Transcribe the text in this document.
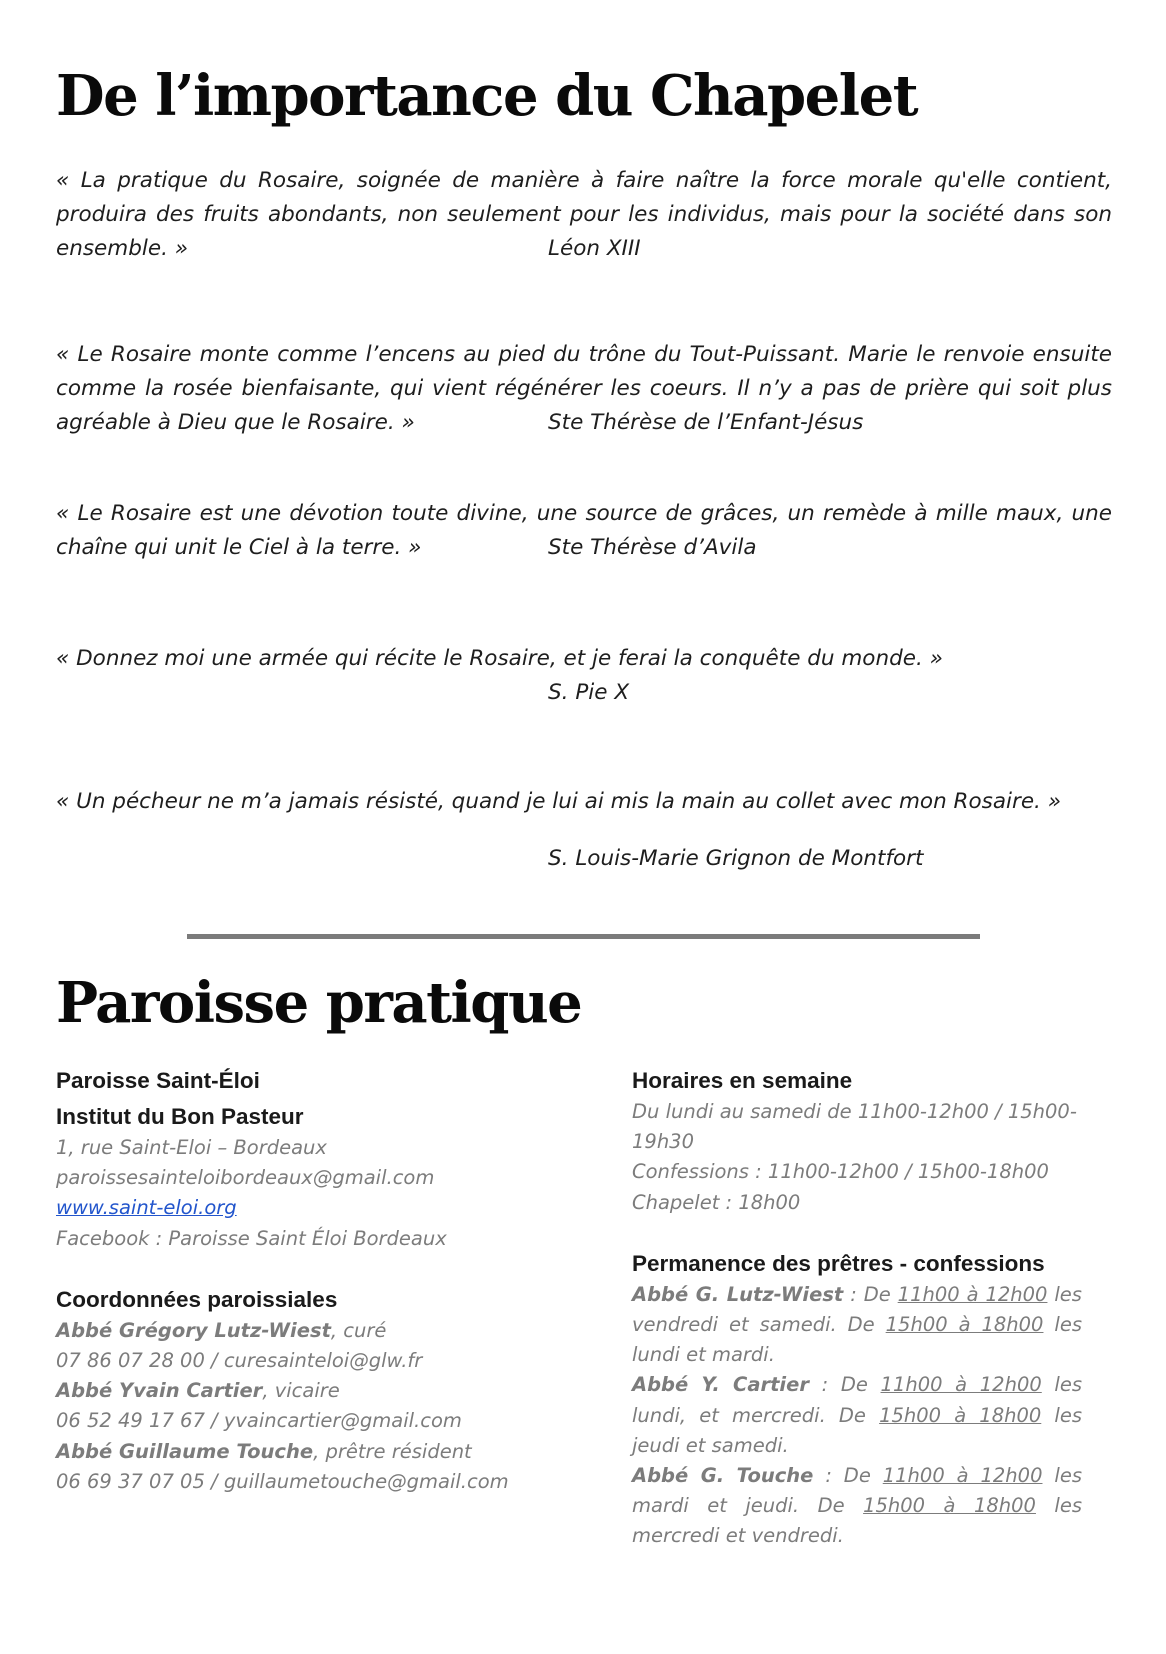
De l’importance du Chapelet

« La pratique du Rosaire, soignée de manière à faire naître la force morale qu'elle contient, produira des fruits abondants, non seulement pour les individus, mais pour la société dans son ensemble. »	Léon XIII

« Le Rosaire monte comme l’encens au pied du trône du Tout-Puissant. Marie le renvoie ensuite comme la rosée bienfaisante, qui vient régénérer les coeurs. Il n’y a pas de prière qui soit plus agréable à Dieu que le Rosaire. »	Ste Thérèse de l’Enfant-Jésus

« Le Rosaire est une dévotion toute divine, une source de grâces, un remède à mille maux, une chaîne qui unit le Ciel à la terre. »	Ste Thérèse d’Avila

« Donnez moi une armée qui récite le Rosaire, et je ferai la conquête du monde. »

S. Pie X

« Un pécheur ne m’a jamais résisté, quand je lui ai mis la main au collet avec mon Rosaire. »

S. Louis-Marie Grignon de Montfort

Paroisse pratique

Paroisse Saint-Éloi

Institut du Bon Pasteur

1, rue Saint-Eloi – Bordeaux

paroissesainteloibordeaux@gmail.com

www.saint-eloi.org

Facebook : Paroisse Saint Éloi Bordeaux

Coordonnées paroissiales

Abbé Grégory Lutz-Wiest, curé

07 86 07 28 00 / curesainteloi@glw.fr

Abbé Yvain Cartier, vicaire

06 52 49 17 67 / yvaincartier@gmail.com

Abbé Guillaume Touche, prêtre résident

06 69 37 07 05 / guillaumetouche@gmail.com

Horaires en semaine

Du lundi au samedi de 11h00-12h00 / 15h00-19h30

Confessions : 11h00-12h00 / 15h00-18h00

Chapelet : 18h00

Permanence des prêtres - confessions

Abbé G. Lutz-Wiest : De 11h00 à 12h00 les vendredi et samedi. De 15h00 à 18h00 les lundi et mardi.

Abbé Y. Cartier : De 11h00 à 12h00 les lundi, et mercredi. De 15h00 à 18h00 les jeudi et samedi.

Abbé G. Touche : De 11h00 à 12h00 les mardi et jeudi. De 15h00 à 18h00 les mercredi et vendredi.
